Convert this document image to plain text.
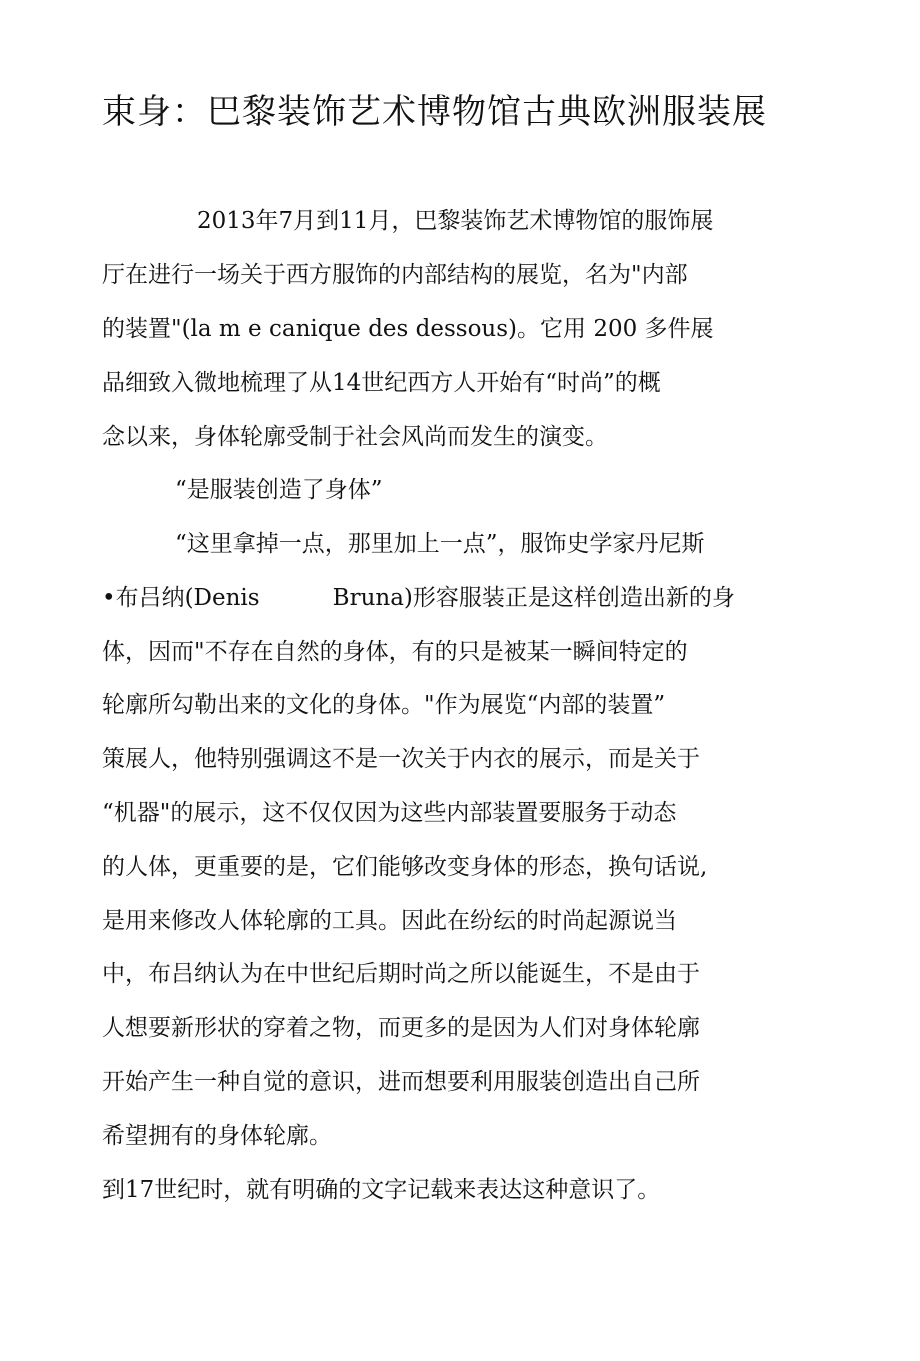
束身：巴黎装饰艺术博物馆古典欧洲服装展

2013年7月到11月，巴黎装饰艺术博物馆的服饰展

厅在进行一场关于西方服饰的内部结构的展览，名为"内部

的装置"(la m e canique des dessous)。它用 200 多件展

品细致入微地梳理了从14世纪西方人开始有“时尚”的概

念以来，身体轮廓受制于社会风尚而发生的演变。

“是服装创造了身体”

“这里拿掉一点，那里加上一点”，服饰史学家丹尼斯

•布吕纳(Denis          Bruna)形容服装正是这样创造出新的身

体，因而"不存在自然的身体，有的只是被某一瞬间特定的

轮廓所勾勒出来的文化的身体。"作为展览“内部的装置”

策展人，他特别强调这不是一次关于内衣的展示，而是关于

“机器"的展示，这不仅仅因为这些内部装置要服务于动态

的人体，更重要的是，它们能够改变身体的形态，换句话说,

是用来修改人体轮廓的工具。因此在纷纭的时尚起源说当

中，布吕纳认为在中世纪后期时尚之所以能诞生，不是由于

人想要新形状的穿着之物，而更多的是因为人们对身体轮廓

开始产生一种自觉的意识，进而想要利用服装创造出自己所

希望拥有的身体轮廓。

到17世纪时，就有明确的文字记载来表达这种意识了。
